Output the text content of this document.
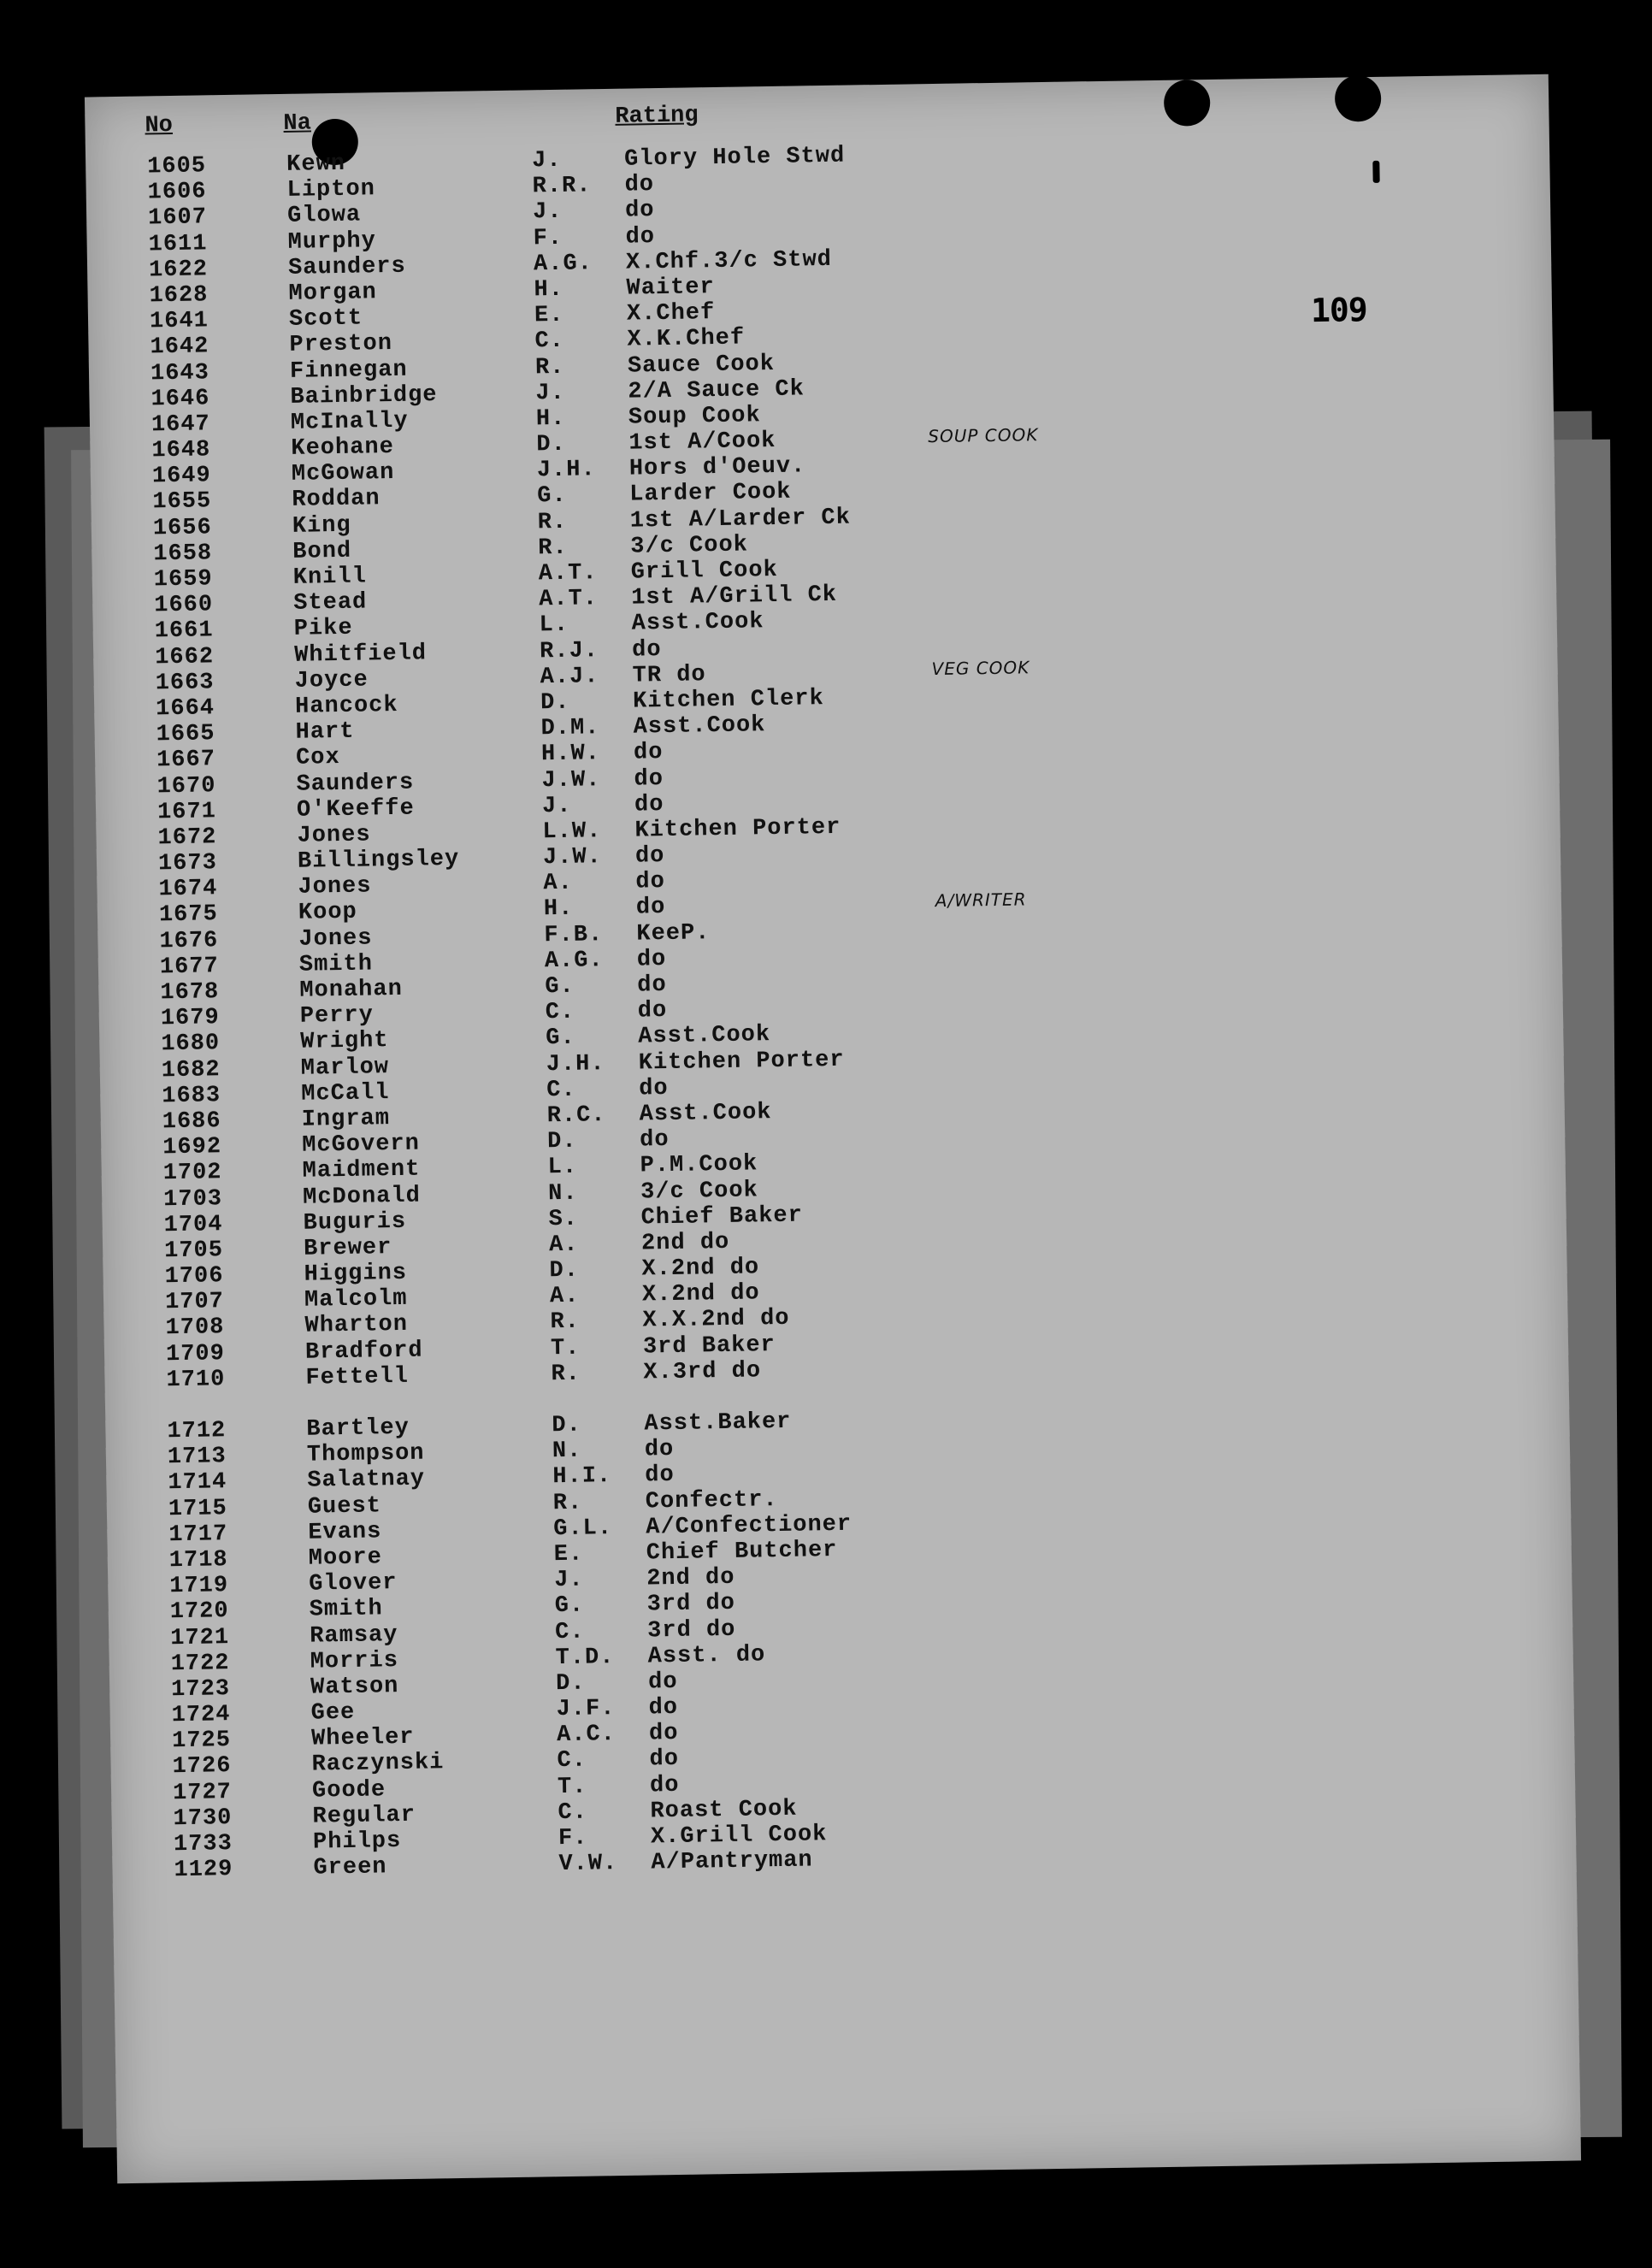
109
No	Na	Rating
1605	Kewn	J.	Glory Hole Stwd
1606	Lipton	R.R.	do
1607	Glowa	J.	do
1611	Murphy	F.	do
1622	Saunders	A.G.	X.Chf.3/c Stwd
1628	Morgan	H.	Waiter
1641	Scott	E.	X.Chef
1642	Preston	C.	X.K.Chef
1643	Finnegan	R.	Sauce Cook
1646	Bainbridge	J.	2/A Sauce Ck
1647	McInally	H.	Soup Cook
1648	Keohane	D.	1st A/Cook	SOUP COOK
1649	McGowan	J.H.	Hors d'Oeuv.
1655	Roddan	G.	Larder Cook
1656	King	R.	1st A/Larder Ck
1658	Bond	R.	3/c Cook
1659	Knill	A.T.	Grill Cook
1660	Stead	A.T.	1st A/Grill Ck
1661	Pike	L.	Asst.Cook
1662	Whitfield	R.J.	do
1663	Joyce	A.J.	TR do	VEG COOK
1664	Hancock	D.	Kitchen Clerk
1665	Hart	D.M.	Asst.Cook
1667	Cox	H.W.	do
1670	Saunders	J.W.	do
1671	O'Keeffe	J.	do
1672	Jones	L.W.	Kitchen Porter
1673	Billingsley	J.W.	do
1674	Jones	A.	do
1675	Koop	H.	do	A/WRITER
1676	Jones	F.B.	KeeP.
1677	Smith	A.G.	do
1678	Monahan	G.	do
1679	Perry	C.	do
1680	Wright	G.	Asst.Cook
1682	Marlow	J.H.	Kitchen Porter
1683	McCall	C.	do
1686	Ingram	R.C.	Asst.Cook
1692	McGovern	D.	do
1702	Maidment	L.	P.M.Cook
1703	McDonald	N.	3/c Cook
1704	Buguris	S.	Chief Baker
1705	Brewer	A.	2nd do
1706	Higgins	D.	X.2nd do
1707	Malcolm	A.	X.2nd do
1708	Wharton	R.	X.X.2nd do
1709	Bradford	T.	3rd Baker
1710	Fettell	R.	X.3rd do
1712	Bartley	D.	Asst.Baker
1713	Thompson	N.	do
1714	Salatnay	H.I.	do
1715	Guest	R.	Confectr.
1717	Evans	G.L.	A/Confectioner
1718	Moore	E.	Chief Butcher
1719	Glover	J.	2nd do
1720	Smith	G.	3rd do
1721	Ramsay	C.	3rd do
1722	Morris	T.D.	Asst. do
1723	Watson	D.	do
1724	Gee	J.F.	do
1725	Wheeler	A.C.	do
1726	Raczynski	C.	do
1727	Goode	T.	do
1730	Regular	C.	Roast Cook
1733	Philps	F.	X.Grill Cook
1129	Green	V.W.	A/Pantryman
